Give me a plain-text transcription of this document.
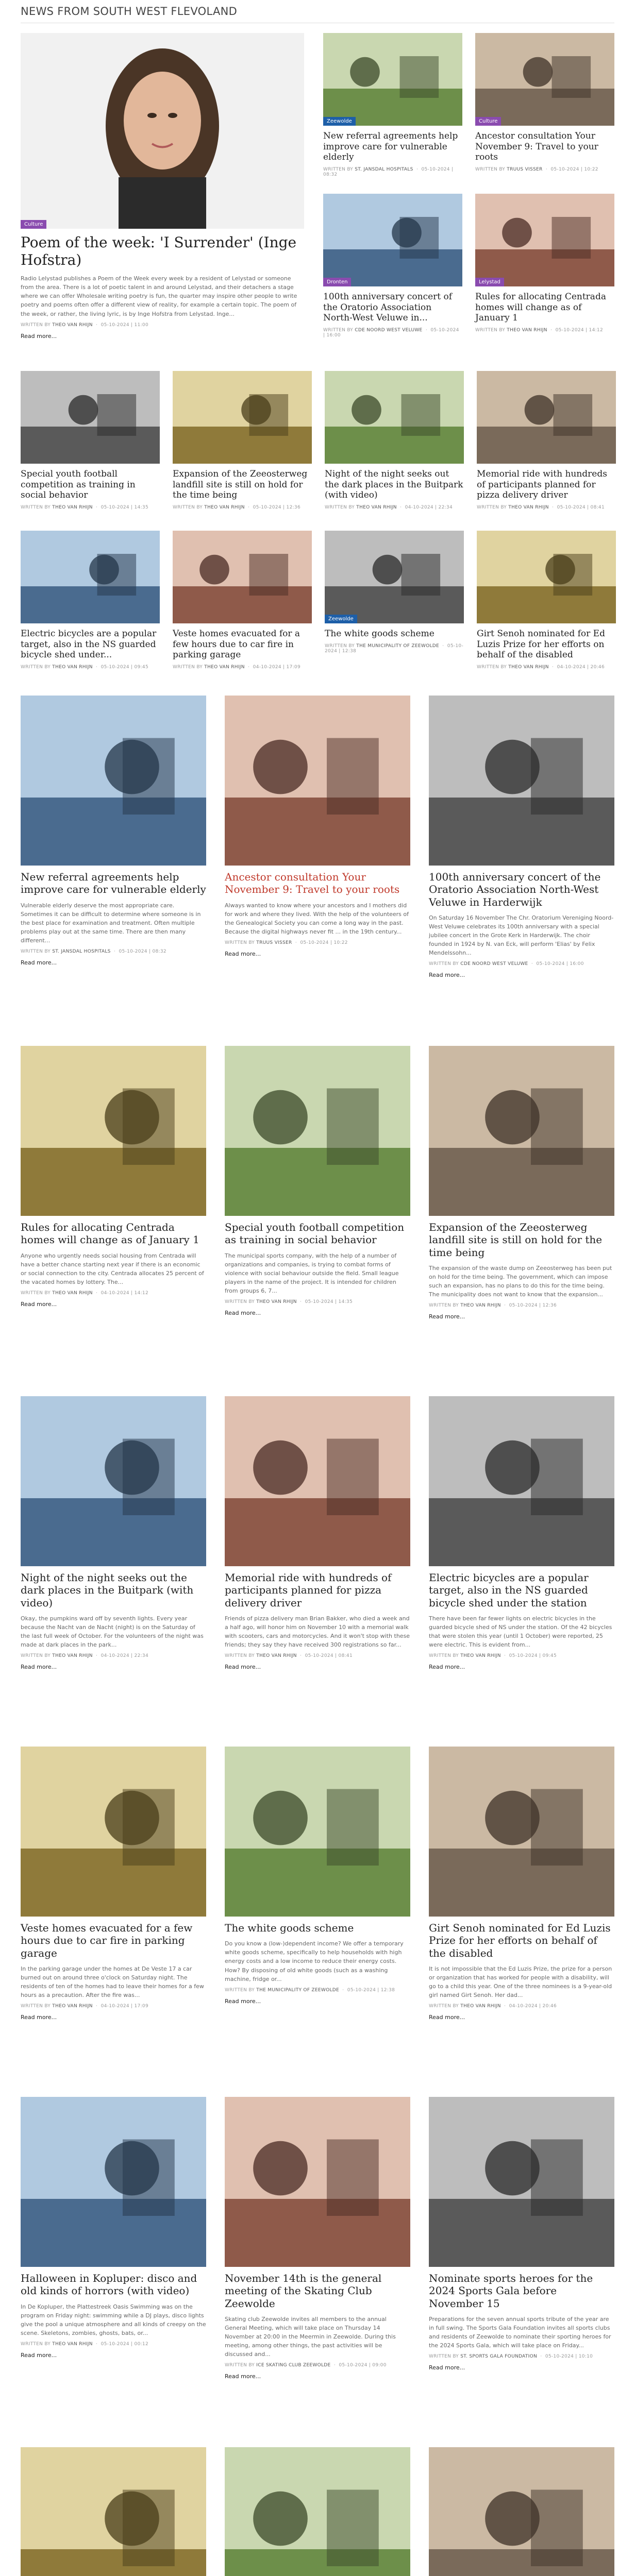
NEWS FROM SOUTH WEST FLEVOLAND
Culture
Poem of the week: 'I Surrender' (Inge Hofstra)
Radio Lelystad publishes a Poem of the Week every week by a resident of Lelystad or someone from the area. There is a lot of poetic talent in and around Lelystad, and their detachers a stage where we can offer Wholesale writing poetry is fun, the quarter may inspire other people to write poetry and poems often offer a different view of reality, for example a certain topic. The poem of the week, or rather, the living lyric, is by Inge Hofstra from Lelystad. Inge...
WRITTEN BY THEO VAN RHIJN  ·  05-10-2024 | 11:00
Read more...
Zeewolde
New referral agreements help improve care for vulnerable elderly
WRITTEN BY ST. JANSDAL HOSPITALS  ·  05-10-2024 | 08:32
Culture
Ancestor consultation Your November 9: Travel to your roots
WRITTEN BY TRUUS VISSER  ·  05-10-2024 | 10:22
Dronten
100th anniversary concert of the Oratorio Association North-West Veluwe in...
WRITTEN BY CDE NOORD WEST VELUWE  ·  05-10-2024 | 16:00
Lelystad
Rules for allocating Centrada homes will change as of January 1
WRITTEN BY THEO VAN RHIJN  ·  05-10-2024 | 14:12
Special youth football competition as training in social behavior
WRITTEN BY THEO VAN RHIJN  ·  05-10-2024 | 14:35
Expansion of the Zeeosterweg landfill site is still on hold for the time being
WRITTEN BY THEO VAN RHIJN  ·  05-10-2024 | 12:36
Night of the night seeks out the dark places in the Buitpark (with video)
WRITTEN BY THEO VAN RHIJN  ·  04-10-2024 | 22:34
Memorial ride with hundreds of participants planned for pizza delivery driver
WRITTEN BY THEO VAN RHIJN  ·  05-10-2024 | 08:41
Electric bicycles are a popular target, also in the NS guarded bicycle shed under...
WRITTEN BY THEO VAN RHIJN  ·  05-10-2024 | 09:45
Veste homes evacuated for a few hours due to car fire in parking garage
WRITTEN BY THEO VAN RHIJN  ·  04-10-2024 | 17:09
Zeewolde
The white goods scheme
WRITTEN BY THE MUNICIPALITY OF ZEEWOLDE  ·  05-10-2024 | 12:38
Girt Senoh nominated for Ed Luzis Prize for her efforts on behalf of the disabled
WRITTEN BY THEO VAN RHIJN  ·  04-10-2024 | 20:46
New referral agreements help improve care for vulnerable elderly
Vulnerable elderly deserve the most appropriate care. Sometimes it can be difficult to determine where someone is in the best place for examination and treatment. Often multiple problems play out at the same time. There are then many different...
WRITTEN BY ST. JANSDAL HOSPITALS  ·  05-10-2024 | 08:32
Read more...
Ancestor consultation Your November 9: Travel to your roots
Always wanted to know where your ancestors and I mothers did for work and where they lived. With the help of the volunteers of the Genealogical Society you can come a long way in the past. Because the digital highways never fit ... in the 19th century...
WRITTEN BY TRUUS VISSER  ·  05-10-2024 | 10:22
Read more...
100th anniversary concert of the Oratorio Association North-West Veluwe in Harderwijk
On Saturday 16 November The Chr. Oratorium Vereniging Noord-West Veluwe celebrates its 100th anniversary with a special jubilee concert in the Grote Kerk in Harderwijk. The choir founded in 1924 by N. van Eck, will perform 'Elias' by Felix Mendelssohn...
WRITTEN BY CDE NOORD WEST VELUWE  ·  05-10-2024 | 16:00
Read more...
Rules for allocating Centrada homes will change as of January 1
Anyone who urgently needs social housing from Centrada will have a better chance starting next year if there is an economic or social connection to the city. Centrada allocates 25 percent of the vacated homes by lottery. The...
WRITTEN BY THEO VAN RHIJN  ·  04-10-2024 | 14:12
Read more...
Special youth football competition as training in social behavior
The municipal sports company, with the help of a number of organizations and companies, is trying to combat forms of violence with social behaviour outside the field. Small league players in the name of the project. It is intended for children from groups 6, 7...
WRITTEN BY THEO VAN RHIJN  ·  05-10-2024 | 14:35
Read more...
Expansion of the Zeeosterweg landfill site is still on hold for the time being
The expansion of the waste dump on Zeeosterweg has been put on hold for the time being. The government, which can impose such an expansion, has no plans to do this for the time being. The municipality does not want to know that the expansion...
WRITTEN BY THEO VAN RHIJN  ·  05-10-2024 | 12:36
Read more...
Night of the night seeks out the dark places in the Buitpark (with video)
Okay, the pumpkins ward off by seventh lights. Every year because the Nacht van de Nacht (night) is on the Saturday of the last full week of October. For the volunteers of the night was made at dark places in the park...
WRITTEN BY THEO VAN RHIJN  ·  04-10-2024 | 22:34
Read more...
Memorial ride with hundreds of participants planned for pizza delivery driver
Friends of pizza delivery man Brian Bakker, who died a week and a half ago, will honor him on November 10 with a memorial walk with scooters, cars and motorcycles. And it won't stop with these friends; they say they have received 300 registrations so far...
WRITTEN BY THEO VAN RHIJN  ·  05-10-2024 | 08:41
Read more...
Electric bicycles are a popular target, also in the NS guarded bicycle shed under the station
There have been far fewer lights on electric bicycles in the guarded bicycle shed of NS under the station. Of the 42 bicycles that were stolen this year (until 1 October) were reported, 25 were electric. This is evident from...
WRITTEN BY THEO VAN RHIJN  ·  05-10-2024 | 09:45
Read more...
Veste homes evacuated for a few hours due to car fire in parking garage
In the parking garage under the homes at De Veste 17 a car burned out on around three o'clock on Saturday night. The residents of ten of the homes had to leave their homes for a few hours as a precaution. After the fire was...
WRITTEN BY THEO VAN RHIJN  ·  04-10-2024 | 17:09
Read more...
The white goods scheme
Do you know a (low-)dependent income? We offer a temporary white goods scheme, specifically to help households with high energy costs and a low income to reduce their energy costs. How? By disposing of old white goods (such as a washing machine, fridge or...
WRITTEN BY THE MUNICIPALITY OF ZEEWOLDE  ·  05-10-2024 | 12:38
Read more...
Girt Senoh nominated for Ed Luzis Prize for her efforts on behalf of the disabled
It is not impossible that the Ed Luzis Prize, the prize for a person or organization that has worked for people with a disability, will go to a child this year. One of the three nominees is a 9-year-old girl named Girt Senoh. Her dad...
WRITTEN BY THEO VAN RHIJN  ·  04-10-2024 | 20:46
Read more...
Halloween in Kopluper: disco and old kinds of horrors (with video)
In De Kopluper, the Plattestreek Oasis Swimming was on the program on Friday night: swimming while a DJ plays, disco lights give the pool a unique atmosphere and all kinds of creepy on the scene. Skeletons, zombies, ghosts, bats, or...
WRITTEN BY THEO VAN RHIJN  ·  05-10-2024 | 00:12
Read more...
November 14th is the general meeting of the Skating Club Zeewolde
Skating club Zeewolde invites all members to the annual General Meeting, which will take place on Thursday 14 November at 20:00 in the Meermin in Zeewolde. During this meeting, among other things, the past activities will be discussed and...
WRITTEN BY ICE SKATING CLUB ZEEWOLDE  ·  05-10-2024 | 09:00
Read more...
Nominate sports heroes for the 2024 Sports Gala before November 15
Preparations for the seven annual sports tribute of the year are in full swing. The Sports Gala Foundation invites all sports clubs and residents of Zeewolde to nominate their sporting heroes for the 2024 Sports Gala, which will take place on Friday...
WRITTEN BY ST. SPORTS GALA FOUNDATION  ·  05-10-2024 | 10:10
Read more...
